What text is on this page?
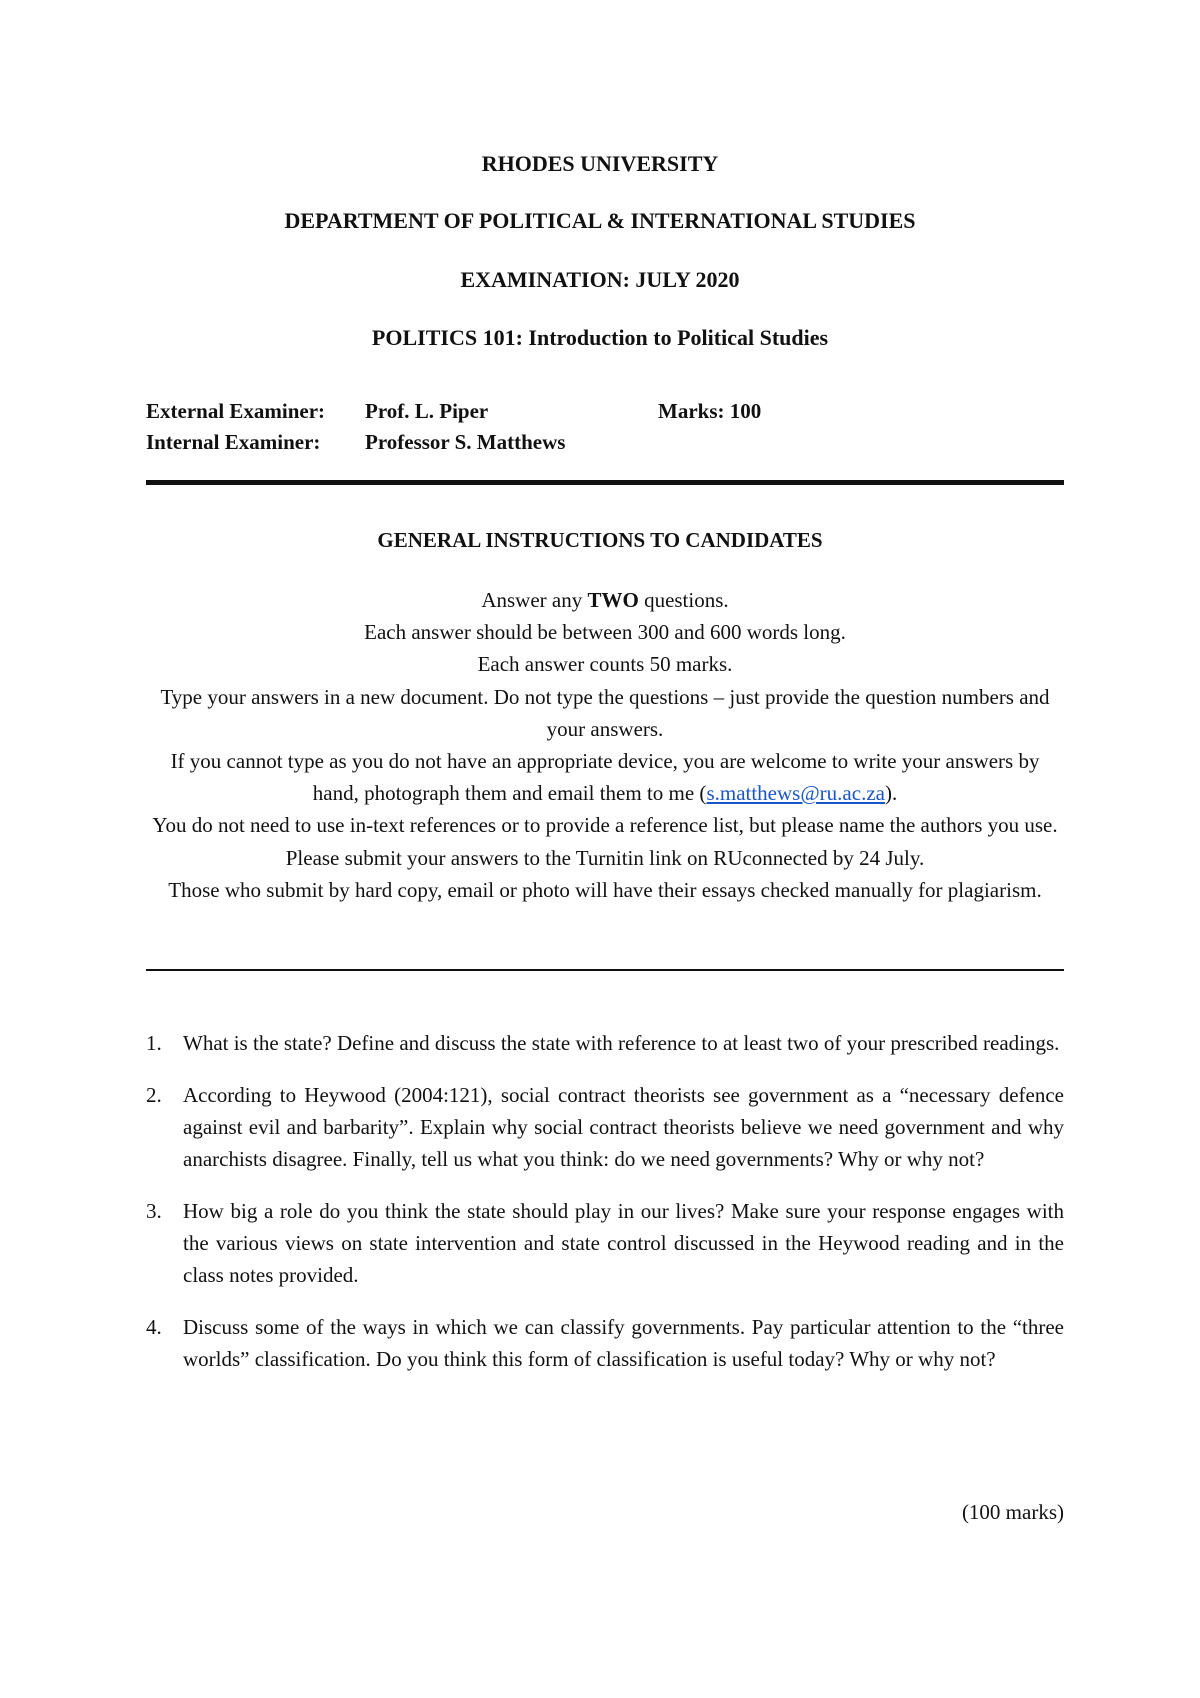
RHODES UNIVERSITY
DEPARTMENT OF POLITICAL & INTERNATIONAL STUDIES
EXAMINATION: JULY 2020
POLITICS 101: Introduction to Political Studies
External Examiner: Prof. L. Piper	Marks: 100
Internal Examiner: Professor S. Matthews
GENERAL INSTRUCTIONS TO CANDIDATES

Answer any TWO questions.

Each answer should be between 300 and 600 words long.

Each answer counts 50 marks.

Type your answers in a new document. Do not type the questions – just provide the question numbers and your answers.

If you cannot type as you do not have an appropriate device, you are welcome to write your answers by hand, photograph them and email them to me (s.matthews@ru.ac.za).

You do not need to use in-text references or to provide a reference list, but please name the authors you use.

Please submit your answers to the Turnitin link on RUconnected by 24 July.

Those who submit by hard copy, email or photo will have their essays checked manually for plagiarism.

1. What is the state? Define and discuss the state with reference to at least two of your prescribed readings.
2. According to Heywood (2004:121), social contract theorists see government as a “necessary defence against evil and barbarity”. Explain why social contract theorists believe we need government and why anarchists disagree. Finally, tell us what you think: do we need governments? Why or why not?
3. How big a role do you think the state should play in our lives? Make sure your response engages with the various views on state intervention and state control discussed in the Heywood reading and in the class notes provided.
4. Discuss some of the ways in which we can classify governments. Pay particular attention to the “three worlds” classification. Do you think this form of classification is useful today? Why or why not?
(100 marks)
